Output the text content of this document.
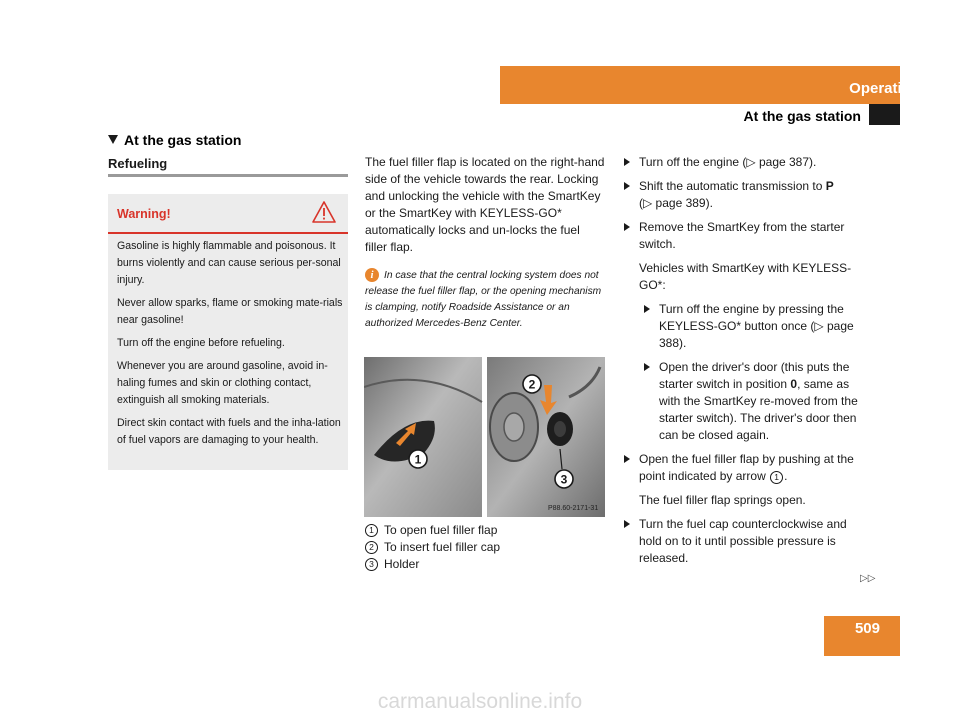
Operation
At the gas station
At the gas station
Refueling
Warning!

Gasoline is highly flammable and poisonous. It burns violently and can cause serious per-sonal injury.

Never allow sparks, flame or smoking mate-rials near gasoline!

Turn off the engine before refueling.

Whenever you are around gasoline, avoid in-haling fumes and skin or clothing contact, extinguish all smoking materials.

Direct skin contact with fuels and the inha-lation of fuel vapors are damaging to your health.

The fuel filler flap is located on the right-hand side of the vehicle towards the rear. Locking and unlocking the vehicle with the SmartKey or the SmartKey with KEYLESS-GO* automatically locks and un-locks the fuel filler flap.

i	In case that the central locking system does not release the fuel filler flap, or the opening mechanism is clamping, notify Roadside Assistance or an authorized Mercedes-Benz Center.
1
2
3
P88.60-2171-31
1 To open fuel filler flap
2 To insert fuel filler cap
3 Holder
Turn off the engine (▷ page 387).
Shift the automatic transmission to P
(▷ page 389).
Remove the SmartKey from the starter switch.
Vehicles with SmartKey with KEYLESS-GO*:
Turn off the engine by pressing the KEYLESS-GO* button once (▷ page 388).
Open the driver's door (this puts the starter switch in position 0, same as with the SmartKey re-moved from the starter switch). The driver's door then can be closed again.
Open the fuel filler flap by pushing at the point indicated by arrow 1 .
The fuel filler flap springs open.
Turn the fuel cap counterclockwise and hold on to it until possible pressure is released.
▷▷
509
carmanualsonline.info
